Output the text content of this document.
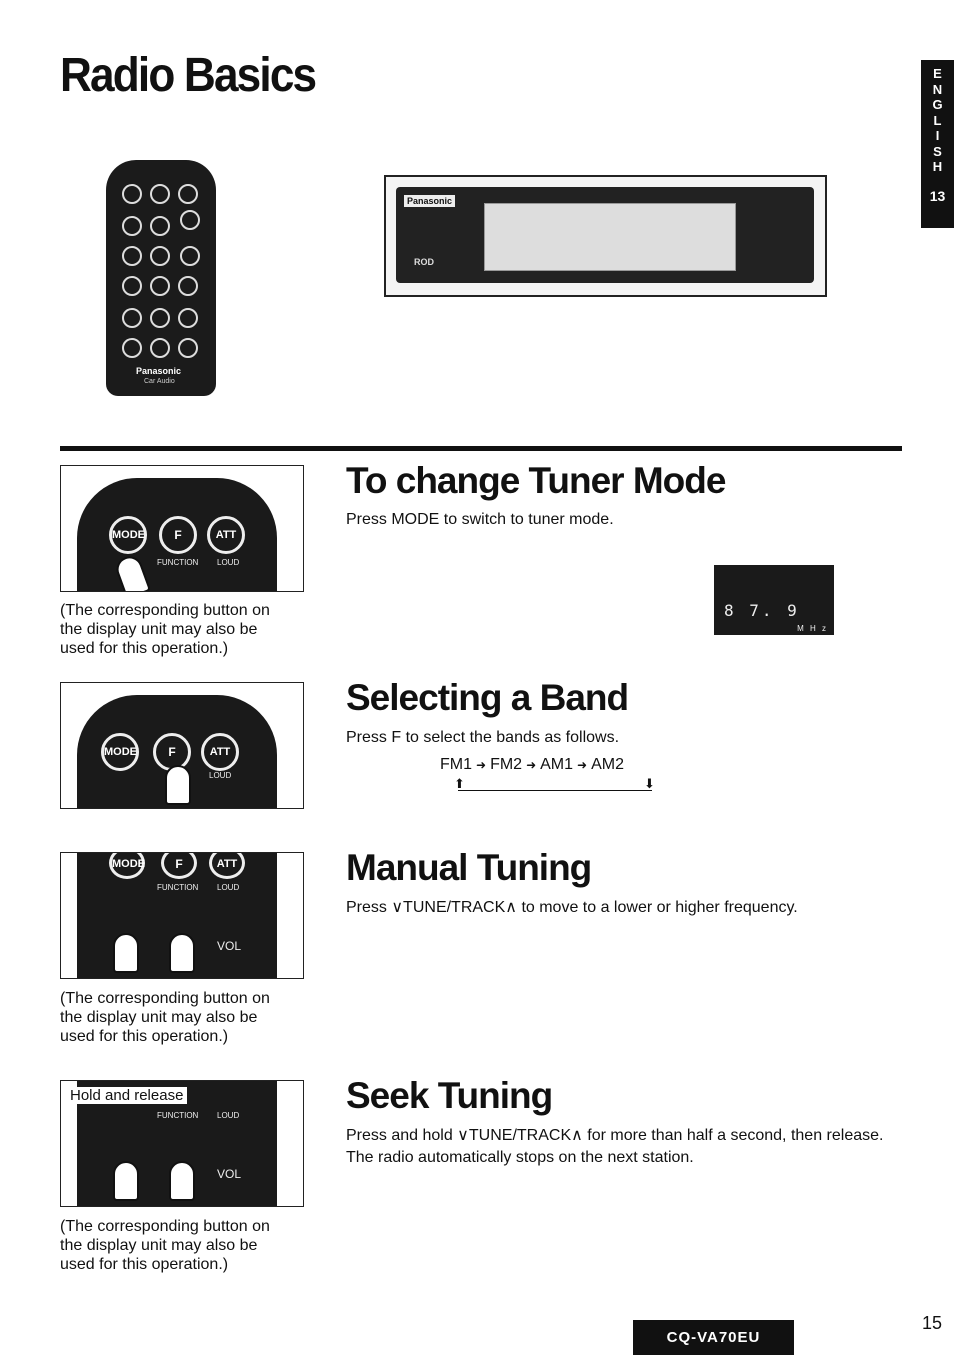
Radio Basics	E
N
G
L
I
S
H
13
Panasonic
Car Audio
Panasonic
ROD
MODE	F	ATT
FUNCTION LOUD
(The corresponding button on
the display unit may also be
used for this operation.)
To change Tuner Mode
Press MODE to switch to tuner mode.
8 7. 9
M H z
MODE	F	ATT
LOUD
Selecting a Band
Press F to select the bands as follows.
FM1 ➜ FM2 ➜ AM1 ➜ AM2
⬆	⬇
MODE	F	ATT
FUNCTION LOUD
VOL
(The corresponding button on
the display unit may also be
used for this operation.)
Manual Tuning
Press ∨TUNE/TRACK∧ to move to a lower or higher frequency.
FUNCTION LOUD
VOL
Hold and release
(The corresponding button on
the display unit may also be
used for this operation.)
Seek Tuning
Press and hold ∨TUNE/TRACK∧ for more than half a second, then release. The radio automatically stops on the next station.
CQ-VA70EU
15
